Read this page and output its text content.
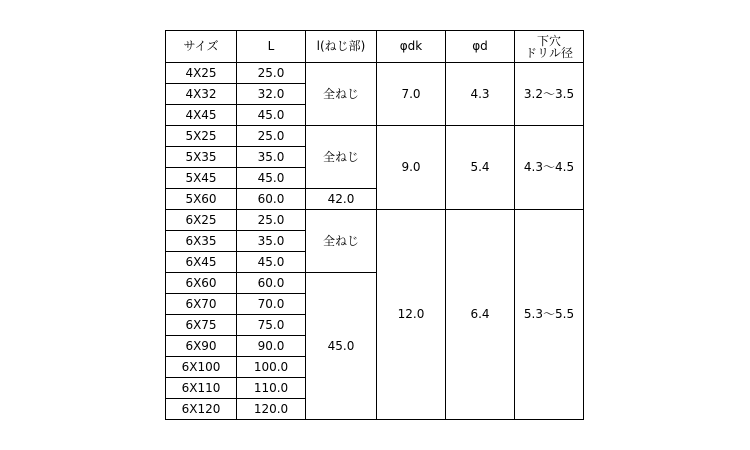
サイズ	L	l(ねじ部)	φdk	φd	下穴
ドリル径

4X25	25.0	全ねじ	7.0	4.3	3.2～3.5
4X32	32.0				
4X45	45.0				
5X25	25.0	全ねじ	9.0	5.4	4.3～4.5
5X35	35.0				
5X45	45.0				
5X60	60.0	42.0			
6X25	25.0	全ねじ	12.0	6.4	5.3～5.5
6X35	35.0				
6X45	45.0				
6X60	60.0	45.0			
6X70	70.0				
6X75	75.0				
6X90	90.0				
6X100	100.0				
6X110	110.0				
6X120	120.0				
